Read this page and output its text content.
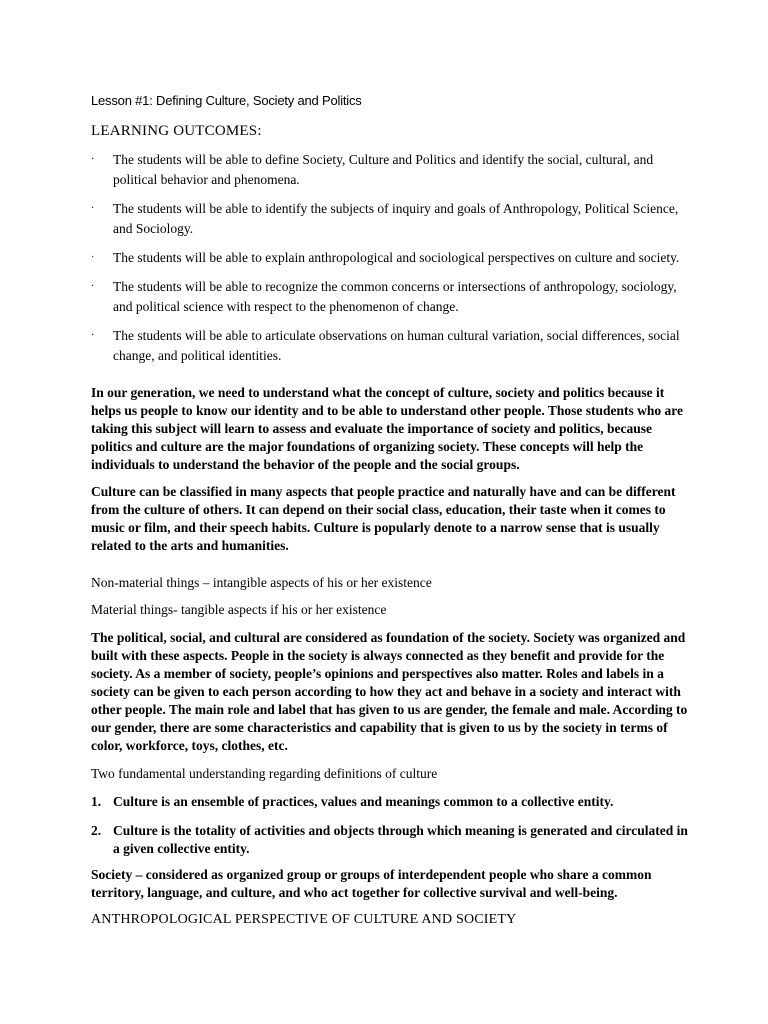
Lesson #1: Defining Culture, Society and Politics
LEARNING OUTCOMES:
· The students will be able to define Society, Culture and Politics and identify the social, cultural, and political behavior and phenomena.
· The students will be able to identify the subjects of inquiry and goals of Anthropology, Political Science, and Sociology.
· The students will be able to explain anthropological and sociological perspectives on culture and society.
· The students will be able to recognize the common concerns or intersections of anthropology, sociology, and political science with respect to the phenomenon of change.
· The students will be able to articulate observations on human cultural variation, social differences, social change, and political identities.

In our generation, we need to understand what the concept of culture, society and politics because it helps us people to know our identity and to be able to understand other people. Those students who are taking this subject will learn to assess and evaluate the importance of society and politics, because politics and culture are the major foundations of organizing society. These concepts will help the individuals to understand the behavior of the people and the social groups.

Culture can be classified in many aspects that people practice and naturally have and can be different from the culture of others. It can depend on their social class, education, their taste when it comes to music or film, and their speech habits. Culture is popularly denote to a narrow sense that is usually related to the arts and humanities.

Non-material things – intangible aspects of his or her existence

Material things- tangible aspects if his or her existence

The political, social, and cultural are considered as foundation of the society. Society was organized and built with these aspects. People in the society is always connected as they benefit and provide for the society. As a member of society, people’s opinions and perspectives also matter. Roles and labels in a society can be given to each person according to how they act and behave in a society and interact with other people. The main role and label that has given to us are gender, the female and male. According to our gender, there are some characteristics and capability that is given to us by the society in terms of color, workforce, toys, clothes, etc.

Two fundamental understanding regarding definitions of culture

1. Culture is an ensemble of practices, values and meanings common to a collective entity.
2. Culture is the totality of activities and objects through which meaning is generated and circulated in a given collective entity.

Society – considered as organized group or groups of interdependent people who share a common territory, language, and culture, and who act together for collective survival and well-being.

ANTHROPOLOGICAL PERSPECTIVE OF CULTURE AND SOCIETY
